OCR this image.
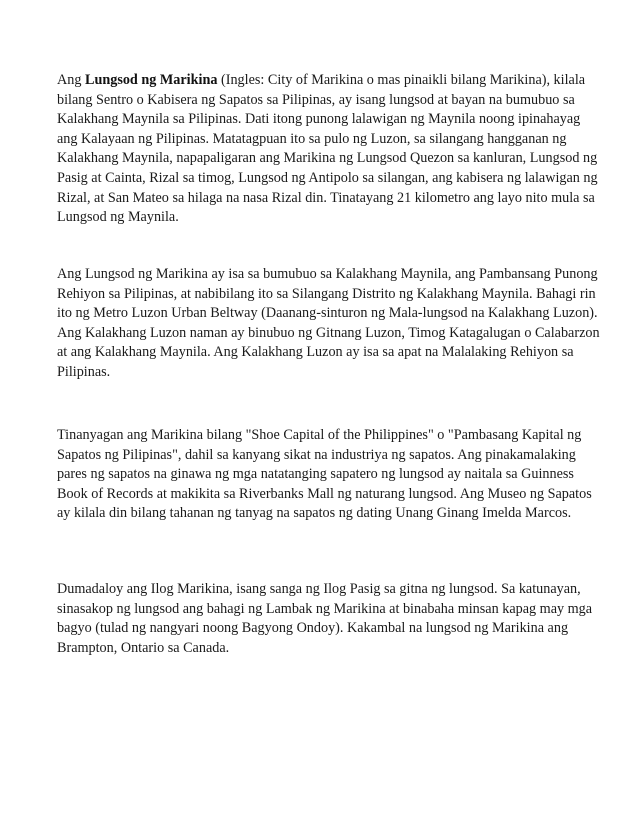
Ang Lungsod ng Marikina (Ingles: City of Marikina o mas pinaikli bilang Marikina), kilala bilang Sentro o Kabisera ng Sapatos sa Pilipinas, ay isang lungsod at bayan na bumubuo sa Kalakhang Maynila sa Pilipinas. Dati itong punong lalawigan ng Maynila noong ipinahayag ang Kalayaan ng Pilipinas. Matatagpuan ito sa pulo ng Luzon, sa silangang hangganan ng Kalakhang Maynila, napapaligaran ang Marikina ng Lungsod Quezon sa kanluran, Lungsod ng Pasig at Cainta, Rizal sa timog, Lungsod ng Antipolo sa silangan, ang kabisera ng lalawigan ng Rizal, at San Mateo sa hilaga na nasa Rizal din. Tinatayang 21 kilometro ang layo nito mula sa Lungsod ng Maynila.

Ang Lungsod ng Marikina ay isa sa bumubuo sa Kalakhang Maynila, ang Pambansang Punong Rehiyon sa Pilipinas, at nabibilang ito sa Silangang Distrito ng Kalakhang Maynila. Bahagi rin ito ng Metro Luzon Urban Beltway (Daanang-sinturon ng Mala-lungsod na Kalakhang Luzon). Ang Kalakhang Luzon naman ay binubuo ng Gitnang Luzon, Timog Katagalugan o Calabarzon at ang Kalakhang Maynila. Ang Kalakhang Luzon ay isa sa apat na Malalaking Rehiyon sa Pilipinas.

Tinanyagan ang Marikina bilang "Shoe Capital of the Philippines" o "Pambasang Kapital ng Sapatos ng Pilipinas", dahil sa kanyang sikat na industriya ng sapatos. Ang pinakamalaking pares ng sapatos na ginawa ng mga natatanging sapatero ng lungsod ay naitala sa Guinness Book of Records at makikita sa Riverbanks Mall ng naturang lungsod. Ang Museo ng Sapatos ay kilala din bilang tahanan ng tanyag na sapatos ng dating Unang Ginang Imelda Marcos.

Dumadaloy ang Ilog Marikina, isang sanga ng Ilog Pasig sa gitna ng lungsod. Sa katunayan, sinasakop ng lungsod ang bahagi ng Lambak ng Marikina at binabaha minsan kapag may mga bagyo (tulad ng nangyari noong Bagyong Ondoy). Kakambal na lungsod ng Marikina ang Brampton, Ontario sa Canada.
